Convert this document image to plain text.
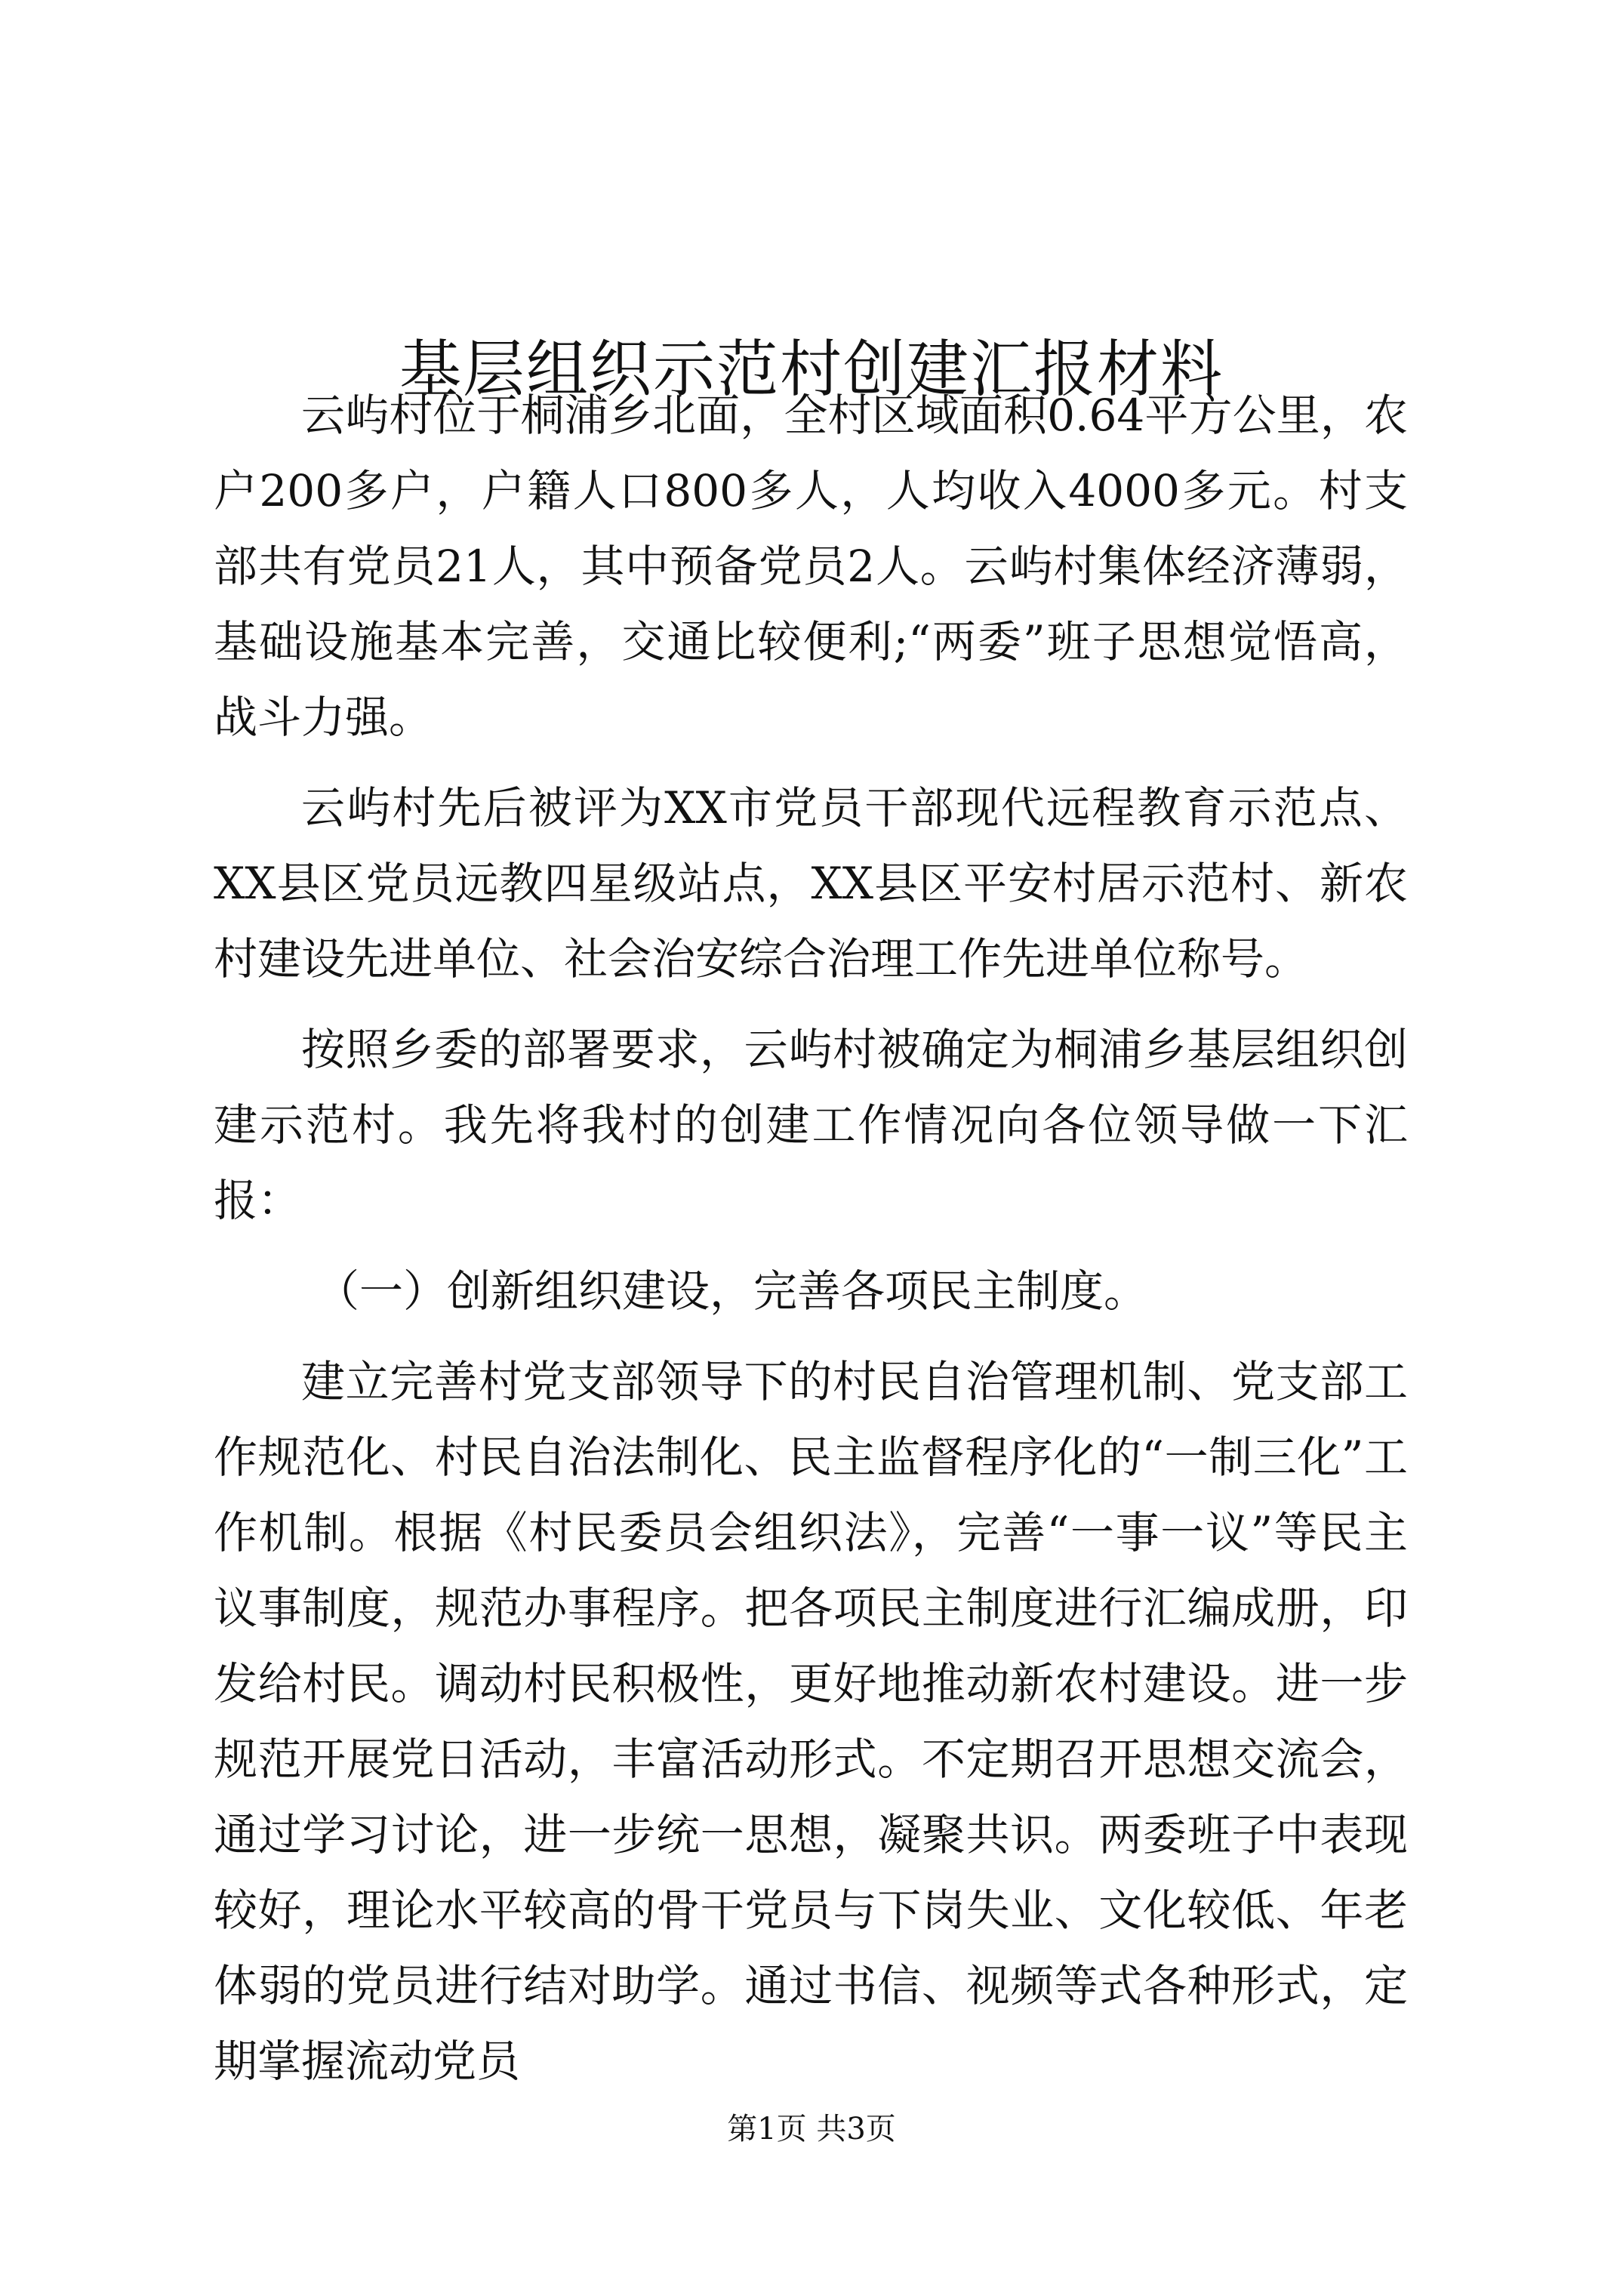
基层组织示范村创建汇报材料

云屿村位于桐浦乡北面，全村区域面积0.64平方公里，农户200多户，户籍人口800多人，人均收入4000多元。村支部共有党员21人，其中预备党员2人。云屿村集体经济薄弱，基础设施基本完善，交通比较便利;“两委”班子思想觉悟高，战斗力强。

云屿村先后被评为XX市党员干部现代远程教育示范点、XX县区党员远教四星级站点，XX县区平安村居示范村、新农村建设先进单位、社会治安综合治理工作先进单位称号。

按照乡委的部署要求，云屿村被确定为桐浦乡基层组织创建示范村。我先将我村的创建工作情况向各位领导做一下汇报：

（一）创新组织建设，完善各项民主制度。

建立完善村党支部领导下的村民自治管理机制、党支部工作规范化、村民自治法制化、民主监督程序化的“一制三化”工作机制。根据《村民委员会组织法》，完善“一事一议”等民主议事制度，规范办事程序。把各项民主制度进行汇编成册，印发给村民。调动村民积极性，更好地推动新农村建设。进一步规范开展党日活动，丰富活动形式。不定期召开思想交流会，通过学习讨论，进一步统一思想，凝聚共识。两委班子中表现较好，理论水平较高的骨干党员与下岗失业、文化较低、年老体弱的党员进行结对助学。通过书信、视频等式各种形式，定期掌握流动党员

第1页 共3页
